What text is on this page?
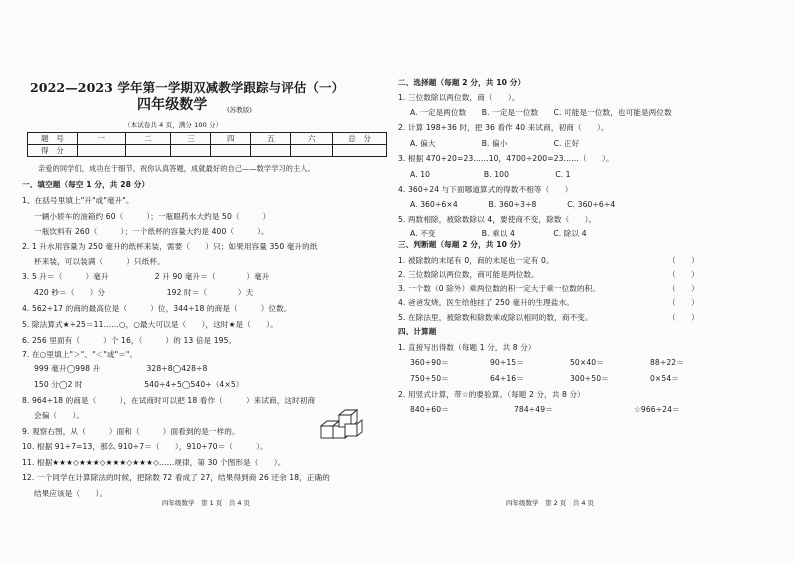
2022—2023 学年第一学期双减教学跟踪与评估（一）
四年级数学	(苏教版)
（本试卷共 4 页，满分 100 分）
题　号	一	二	三	四	五	六	总　分
得　分							
亲爱的同学们，成功在于细节，祝你认真答题，成就最好的自己——数学学习的主人。
一、填空题（每空 1 分，共 28 分）
1、在括号里填上"升"或"毫升"。
一辆小轿车的油箱约 60（　　　）；一瓶眼药水大约是 50（　　　）
一瓶饮料有 260（　　　）；一个纸杯的容量大约是 400（　　　）。
2. 1 升水用容量为 250 毫升的纸杯来装，需要（　　）只；如果用容量 350 毫升的纸
杯来装，可以装满（　　　）只纸杯。
3. 5 升＝（　　　）毫升　　　　　　2 升 90 毫升＝（　　　　）毫升
420 秒＝（　　）分　　　　　　　　192 时＝（　　　　）天
4. 562÷17 的商的最高位是（　　　）位，344÷18 的商是（　　　）位数。
5. 除法算式★÷25＝11……○，○最大可以是（　　），这时★是（　　）。
6. 256 里面有（　　　）个 16，（　　　）的 13 倍是 195。
7. 在○里填上"＞"、"＜"或"＝"。
999 毫升◯998 升　　　　　　328÷8◯428÷8
150 分◯2 时　　　　　　　　540÷4÷5◯540÷（4×5）
8. 964÷18 的商是（　　　），在试商时可以把 18 看作（　　　）来试商，这时初商
会偏（　　）。
9. 观察右图，从（　　　）面和（　　　）面看到的是一样的。
10. 根据 91÷7=13，那么 910÷7＝（　　），910÷70＝（　　　）。
11. 根据★★★◇★★★◇★★★◇★★★◇……规律，第 30 个图形是（　　）。
12. 一个同学在计算除法的时候，把除数 72 看成了 27，结果得到商 26 还余 18，正确的
结果应该是（　　）。
四年级数学　第 1 页　共 4 页
二、选择题（每题 2 分，共 10 分）
1. 三位数除以两位数，商（　　）。
A. 一定是两位数　　B. 一定是一位数　　C. 可能是一位数，也可能是两位数
2. 计算 198÷36 时，把 36 看作 40 来试商，初商（　　）。
A. 偏大　　　　　　B. 偏小　　　　　　C. 正好
3. 根据 470÷20=23……10，4700÷200=23……（　　）。
A. 10　　　　　　　B. 100　　　　　　C. 1
4. 360÷24 与下面哪道算式的得数不相等（　　）
A. 360÷6×4　　　　B. 360÷3÷8　　　　C. 360÷6÷4
5. 两数相除，被除数除以 4，要使商不变，除数（　　）。
A. 不变　　　　　　B. 乘以 4　　　　　C. 除以 4
三、判断题（每题 2 分，共 10 分）
1. 被除数的末尾有 0，商的末尾也一定有 0。	（　　）
2. 三位数除以两位数，商可能是两位数。	（　　）
3. 一个数（0 除外）乘两位数的积一定大于乘一位数的积。	（　　）
4. 爸爸发烧，医生给他挂了 250 毫升的生理盐水。	（　　）
5. 在除法里，被除数和除数乘或除以相同的数，商不变。	（　　）
四、计算题
1. 直接写出得数（每题 1 分，共 8 分）
360÷90＝	90÷15＝	50×40＝	88÷22＝
750÷50＝	64÷16＝	300÷50＝	0×54＝
2. 用竖式计算，带☆的要验算。（每题 2 分，共 8 分）
840÷60＝	784÷49＝	☆966÷24＝
四年级数学　第 2 页　共 4 页
